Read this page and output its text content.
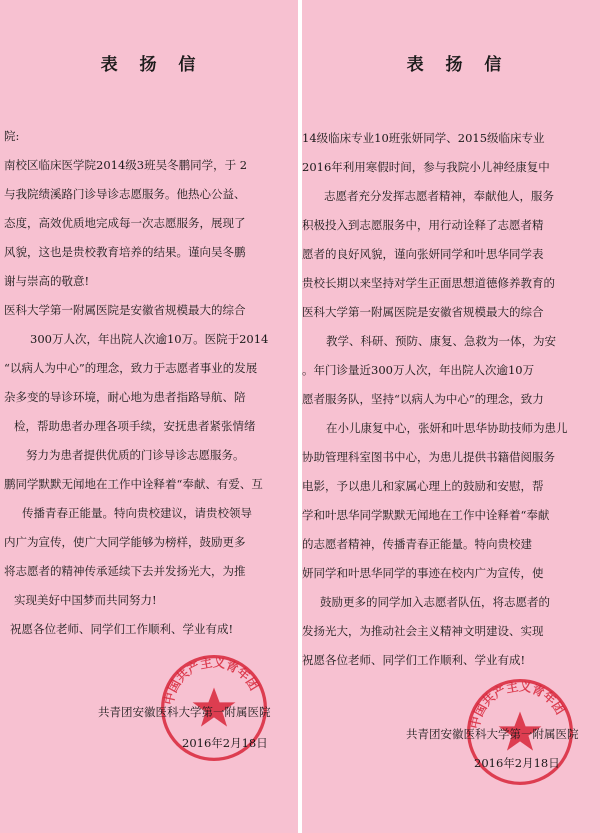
表 扬 信
院:
南校区临床医学院2014级3班吴冬鹏同学，于 2
与我院绩溪路门诊导诊志愿服务。他热心公益、
态度，高效优质地完成每一次志愿服务，展现了
风貌，这也是贵校教育培养的结果。谨向吴冬鹏
谢与崇高的敬意!
医科大学第一附属医院是安徽省规模最大的综合
300万人次，年出院人次逾10万。医院于2014
“以病人为中心”的理念，致力于志愿者事业的发展
杂多变的导诊环境，耐心地为患者指路导航、陪
检，帮助患者办理各项手续，安抚患者紧张情绪
努力为患者提供优质的门诊导诊志愿服务。
鹏同学默默无闻地在工作中诠释着“奉献、有爱、互
传播青春正能量。特向贵校建议，请贵校领导
内广为宣传，使广大同学能够为榜样，鼓励更多
将志愿者的精神传承延续下去并发扬光大，为推
实现美好中国梦而共同努力!
祝愿各位老师、同学们工作顺利、学业有成!
中国共产主义青年团
共青团安徽医科大学第一附属医院
2016年2月18日
表 扬 信
14级临床专业10班张妍同学、2015级临床专业
2016年利用寒假时间，参与我院小儿神经康复中
志愿者充分发挥志愿者精神，奉献他人，服务
积极投入到志愿服务中，用行动诠释了志愿者精
愿者的良好风貌，谨向张妍同学和叶思华同学表
贵校长期以来坚持对学生正面思想道德修养教育的
医科大学第一附属医院是安徽省规模最大的综合
教学、科研、预防、康复、急救为一体，为安
。年门诊量近300万人次，年出院人次逾10万
愿者服务队，坚持“以病人为中心”的理念，致力
在小儿康复中心，张妍和叶思华协助技师为患儿
协助管理科室图书中心，为患儿提供书籍借阅服务
电影，予以患儿和家属心理上的鼓励和安慰，帮
学和叶思华同学默默无闻地在工作中诠释着“奉献
的志愿者精神，传播青春正能量。特向贵校建
妍同学和叶思华同学的事迹在校内广为宣传，使
鼓励更多的同学加入志愿者队伍，将志愿者的
发扬光大，为推动社会主义精神文明建设、实现
祝愿各位老师、同学们工作顺利、学业有成!
中国共产主义青年团
共青团安徽医科大学第一附属医院
2016年2月18日
